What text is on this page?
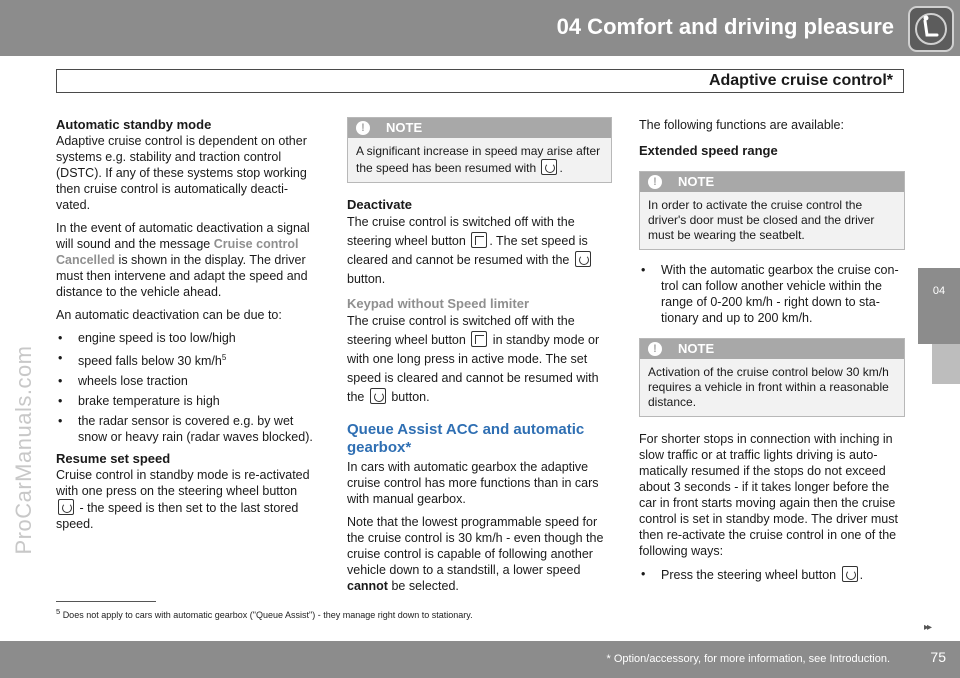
04 Comfort and driving pleasure
Adaptive cruise control*
04
ProCarManuals.com
Automatic standby mode

Adaptive cruise control is dependent on other systems e.g. stability and traction control (DSTC). If any of these systems stop working then cruise control is automatically deacti-vated.

In the event of automatic deactivation a signal will sound and the message Cruise control Cancelled is shown in the display. The driver must then intervene and adapt the speed and distance to the vehicle ahead.

An automatic deactivation can be due to:

• engine speed is too low/high
• speed falls below 30 $km/h^5$
• wheels lose traction
• brake temperature is high
• the radar sensor is covered e.g. by wet snow or heavy rain (radar waves blocked).
Resume set speed

Cruise control in standby mode is re-activated with one press on the steering wheel button
- the speed is then set to the last stored speed.

!	NOTE
A significant increase in speed may arise after the speed has been resumed with .
Deactivate

The cruise control is switched off with the steering wheel button . The set speed is cleared and cannot be resumed with the
button.

Keypad without Speed limiter

The cruise control is switched off with the steering wheel button  in standby mode or with one long press in active mode. The set speed is cleared and cannot be resumed with the  button.

Queue Assist ACC and automatic gearbox*

In cars with automatic gearbox the adaptive cruise control has more functions than in cars with manual gearbox.

Note that the lowest programmable speed for the cruise control is 30 km/h - even though the cruise control is capable of following another vehicle down to a standstill, a lower speed cannot be selected.

The following functions are available:

Extended speed range
!	NOTE
In order to activate the cruise control the driver's door must be closed and the driver must be wearing the seatbelt.
• With the automatic gearbox the cruise con-trol can follow another vehicle within the range of 0-200 km/h - right down to sta-tionary and up to 200 km/h.
!	NOTE
Activation of the cruise control below 30 km/h requires a vehicle in front within a reasonable distance.

For shorter stops in connection with inching in slow traffic or at traffic lights driving is auto-matically resumed if the stops do not exceed about 3 seconds - if it takes longer before the car in front starts moving again then the cruise control is set in standby mode. The driver must then re-activate the cruise control in one of the following ways:

• Press the steering wheel button .
$^5$ Does not apply to cars with automatic gearbox ("Queue Assist") - they manage right down to stationary.
▸▸
* Option/accessory, for more information, see Introduction.	75
